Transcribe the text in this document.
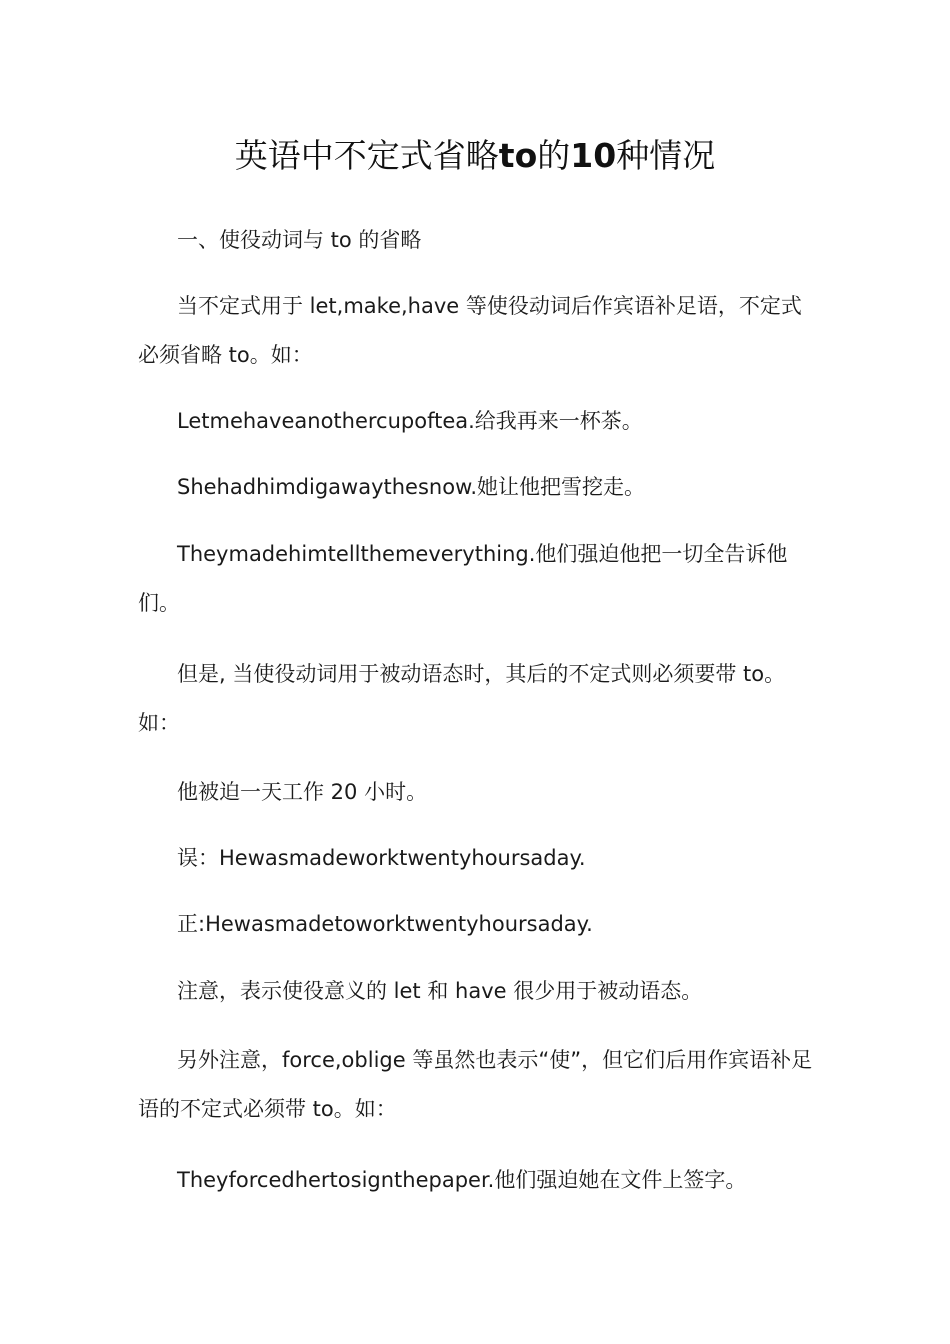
英语中不定式省略to的10种情况

一、使役动词与 to 的省略

当不定式用于 let,make,have 等使役动词后作宾语补足语，不定式必须省略 to。如：

Letmehaveanothercupoftea.给我再来一杯茶。

Shehadhimdigawaythesnow.她让他把雪挖走。

Theymadehimtellthemeverything.他们强迫他把一切全告诉他们。

但是, 当使役动词用于被动语态时，其后的不定式则必须要带 to。如：

他被迫一天工作 20 小时。

误：Hewasmadeworktwentyhoursaday.

正:Hewasmadetoworktwentyhoursaday.

注意，表示使役意义的 let 和 have 很少用于被动语态。

另外注意，force,oblige 等虽然也表示“使”，但它们后用作宾语补足语的不定式必须带 to。如：

Theyforcedhertosignthepaper.他们强迫她在文件上签字。
